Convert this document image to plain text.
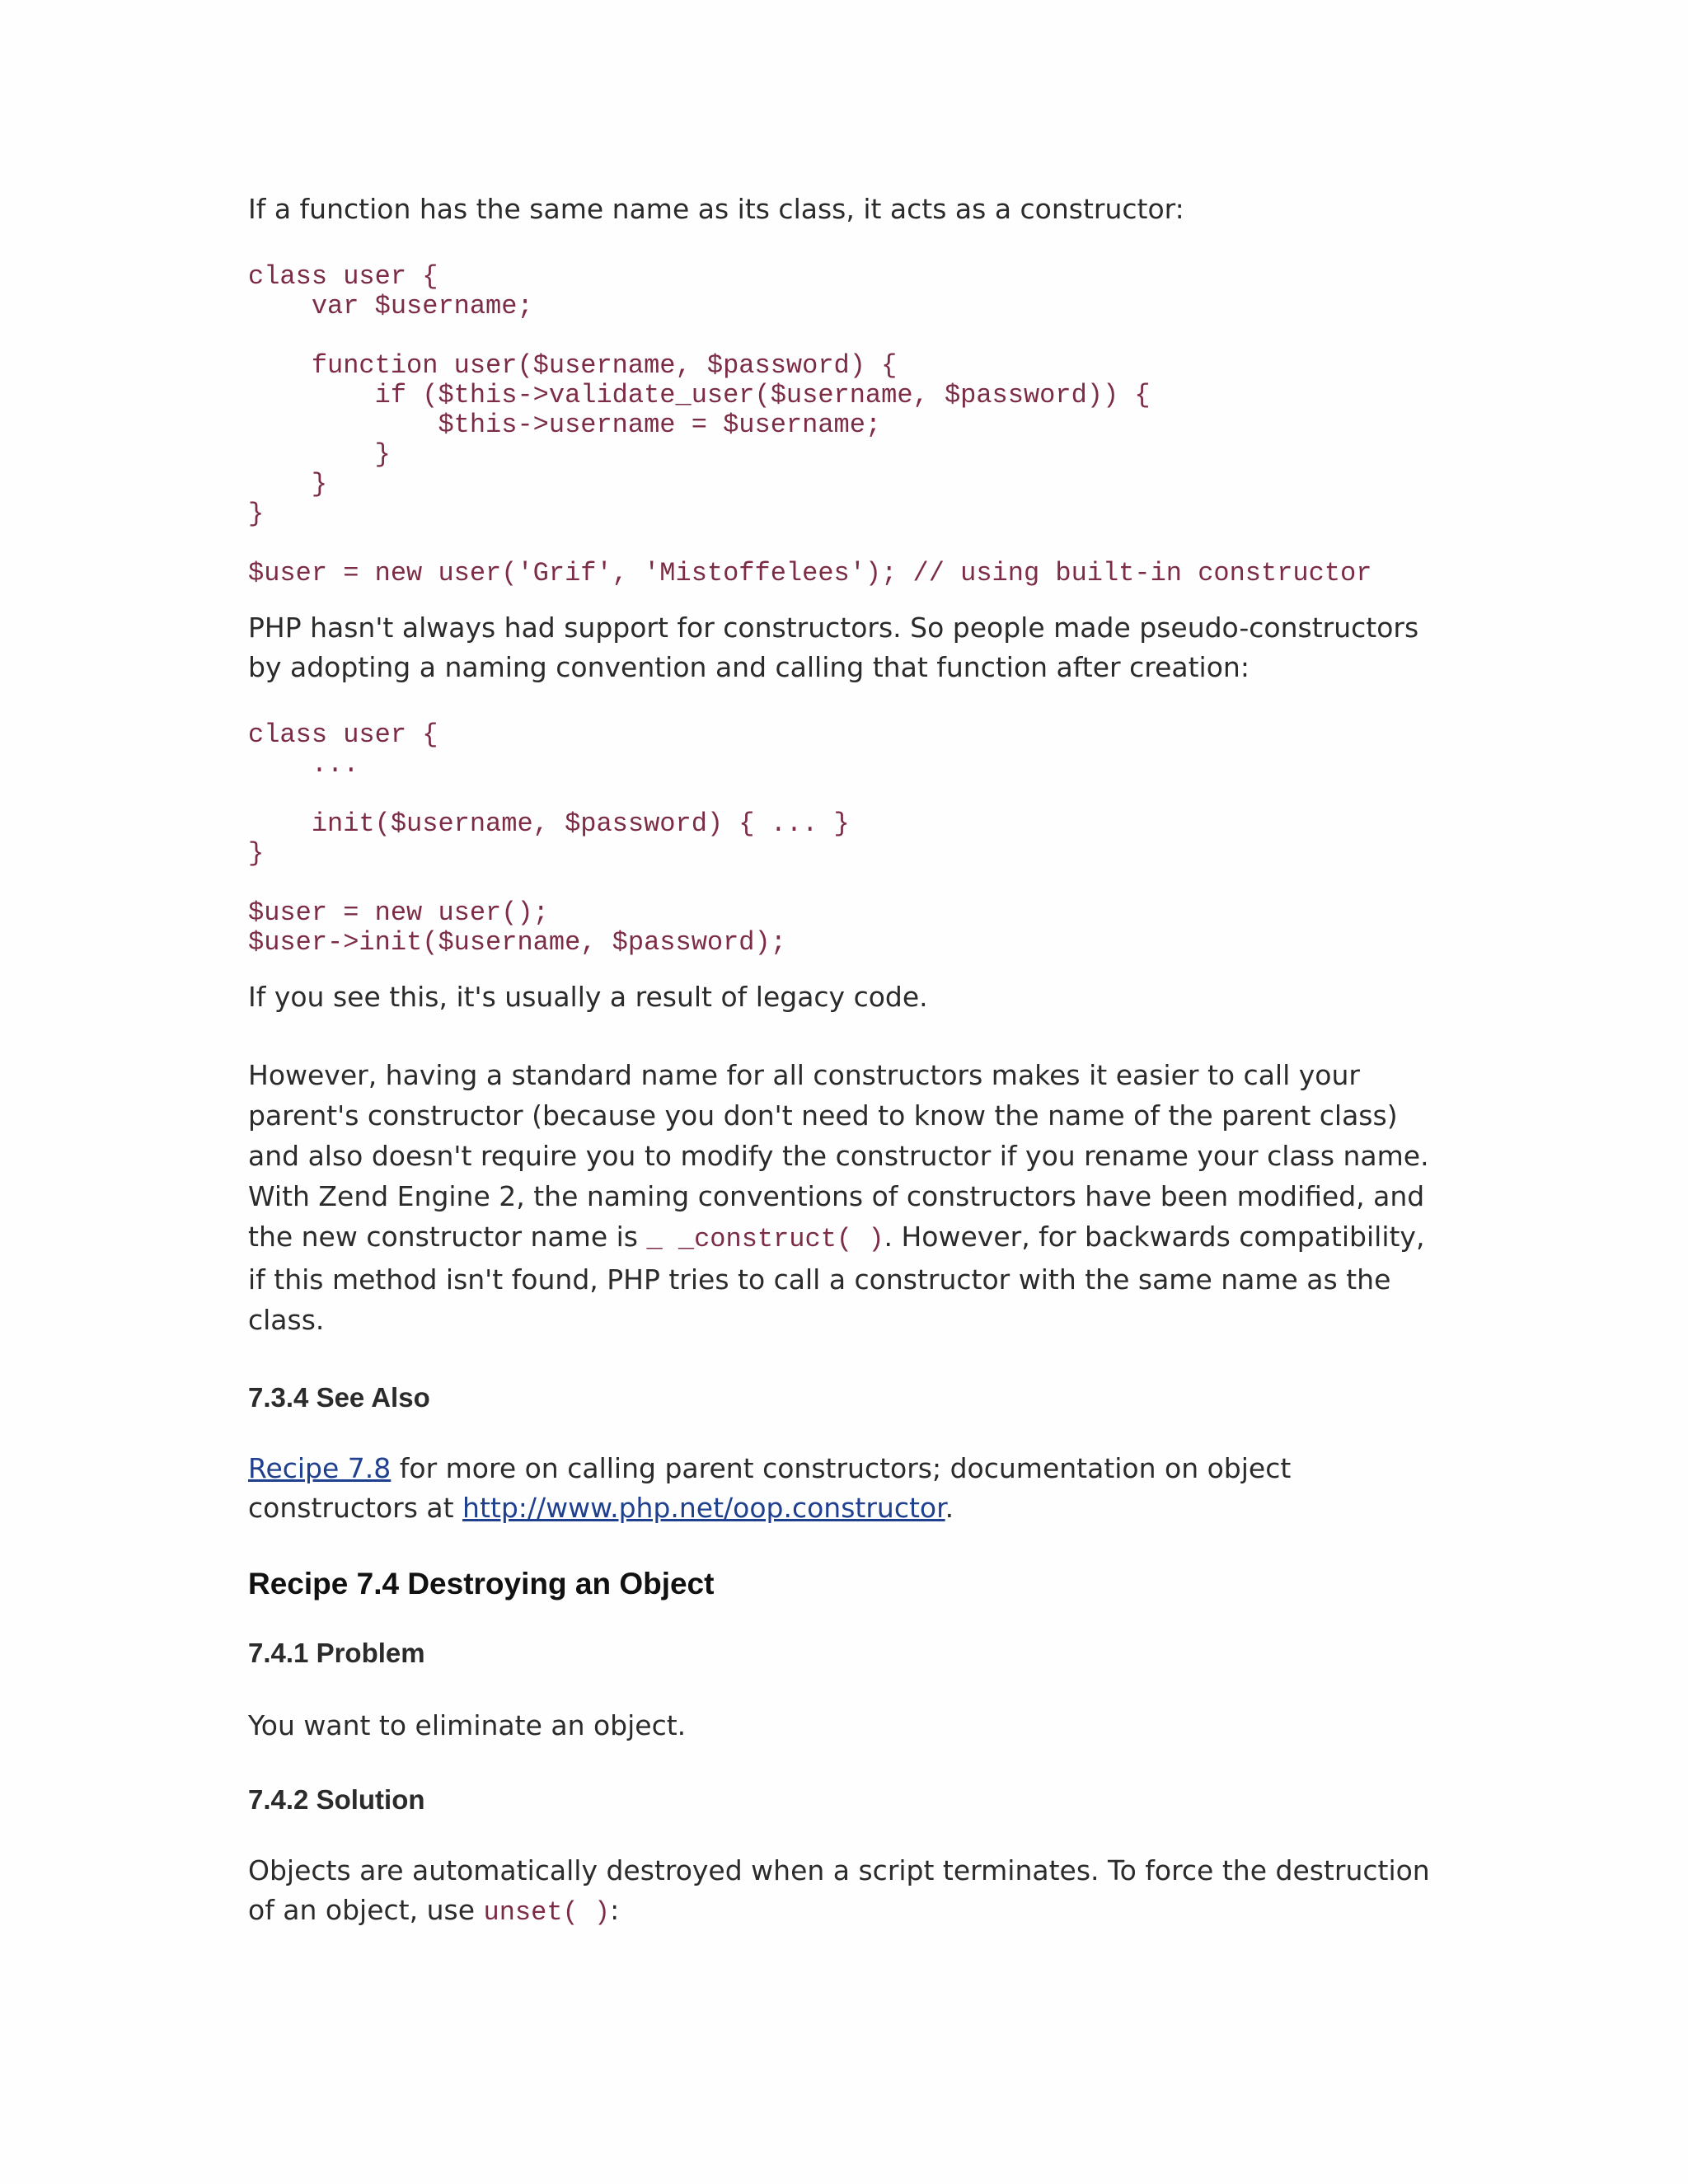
If a function has the same name as its class, it acts as a constructor:

class user {
var $username;

function user($username, $password) {
if ($this->validate_user($username, $password)) {
$this->username = $username;
}
}
}

$user = new user('Grif', 'Mistoffelees'); // using built-in constructor

PHP hasn't always had support for constructors. So people made pseudo-constructors by adopting a naming convention and calling that function after creation:

class user {
...

init($username, $password) { ... }
}

$user = new user();
$user->init($username, $password);

If you see this, it's usually a result of legacy code.

However, having a standard name for all constructors makes it easier to call your parent's constructor (because you don't need to know the name of the parent class) and also doesn't require you to modify the constructor if you rename your class name. With Zend Engine 2, the naming conventions of constructors have been modified, and the new constructor name is _ _construct( ). However, for backwards compatibility, if this method isn't found, PHP tries to call a constructor with the same name as the class.

7.3.4 See Also

Recipe 7.8 for more on calling parent constructors; documentation on object constructors at http://www.php.net/oop.constructor.

Recipe 7.4 Destroying an Object
7.4.1 Problem

You want to eliminate an object.

7.4.2 Solution

Objects are automatically destroyed when a script terminates. To force the destruction of an object, use unset( ):
